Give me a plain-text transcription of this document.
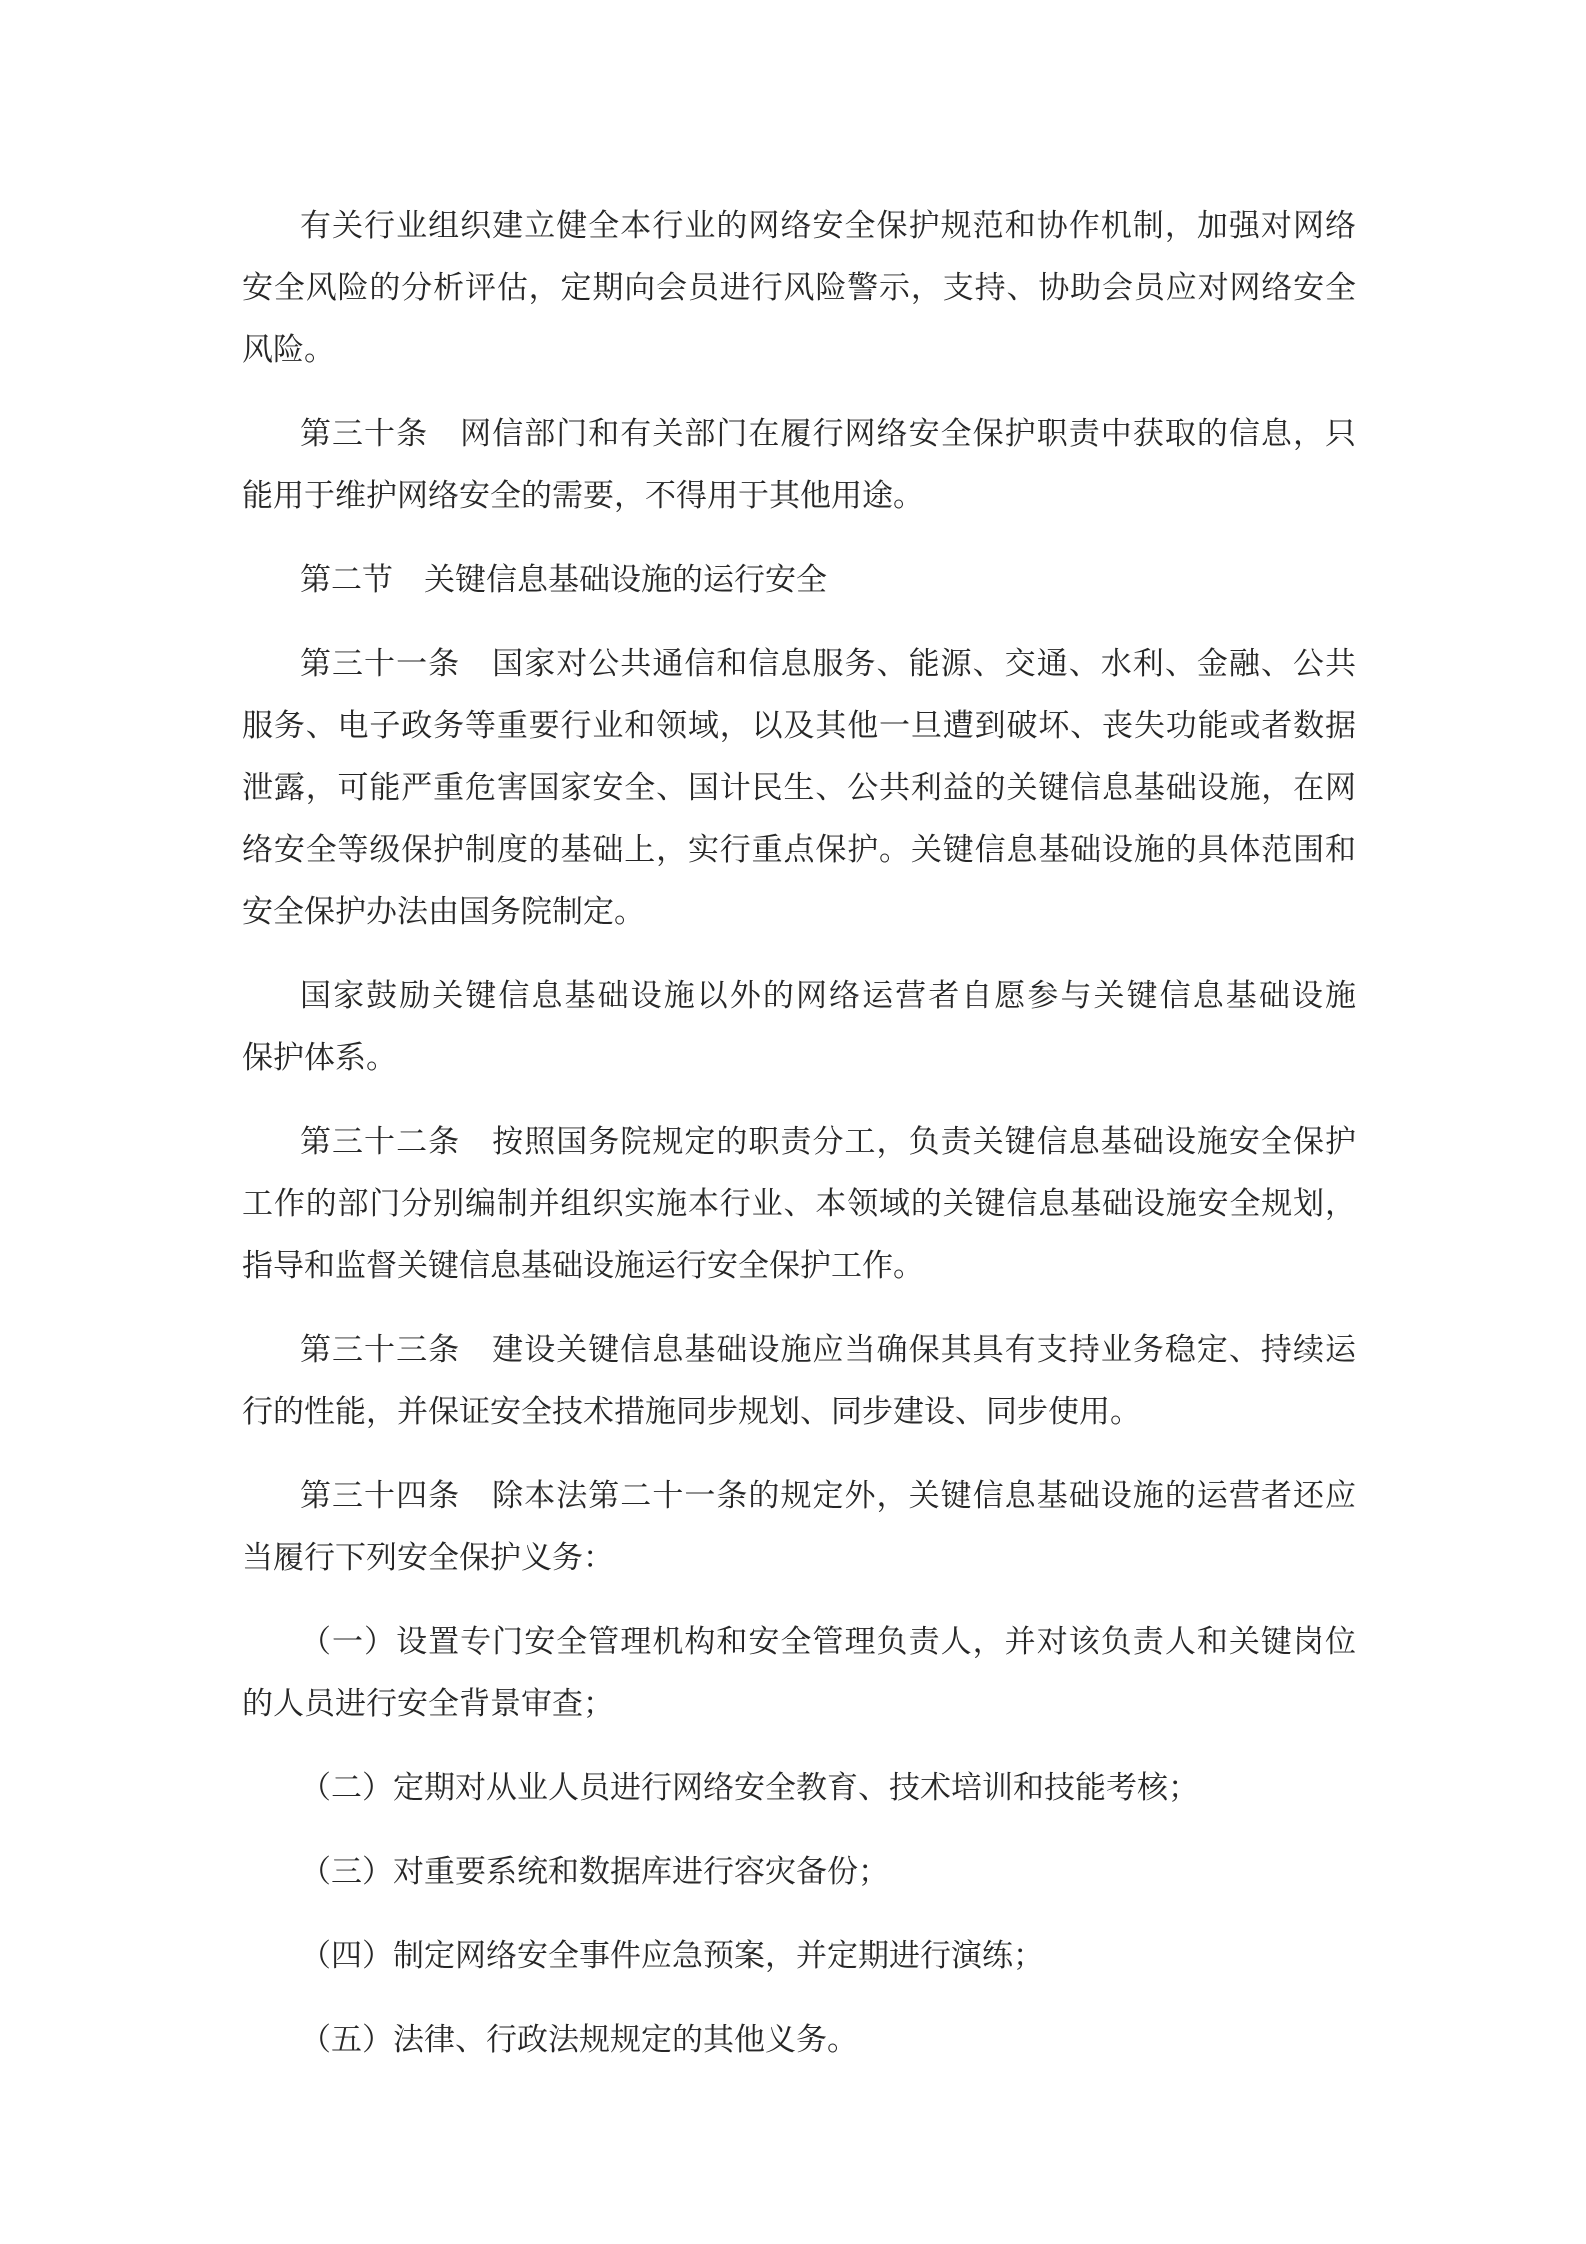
有关行业组织建立健全本行业的网络安全保护规范和协作机制，加强对网络
安全风险的分析评估，定期向会员进行风险警示，支持、协助会员应对网络安全
风险。
第三十条　网信部门和有关部门在履行网络安全保护职责中获取的信息，只
能用于维护网络安全的需要，不得用于其他用途。
第二节　关键信息基础设施的运行安全
第三十一条　国家对公共通信和信息服务、能源、交通、水利、金融、公共
服务、电子政务等重要行业和领域，以及其他一旦遭到破坏、丧失功能或者数据
泄露，可能严重危害国家安全、国计民生、公共利益的关键信息基础设施，在网
络安全等级保护制度的基础上，实行重点保护。关键信息基础设施的具体范围和
安全保护办法由国务院制定。
国家鼓励关键信息基础设施以外的网络运营者自愿参与关键信息基础设施
保护体系。
第三十二条　按照国务院规定的职责分工，负责关键信息基础设施安全保护
工作的部门分别编制并组织实施本行业、本领域的关键信息基础设施安全规划，
指导和监督关键信息基础设施运行安全保护工作。
第三十三条　建设关键信息基础设施应当确保其具有支持业务稳定、持续运
行的性能，并保证安全技术措施同步规划、同步建设、同步使用。
第三十四条　除本法第二十一条的规定外，关键信息基础设施的运营者还应
当履行下列安全保护义务：
（一）设置专门安全管理机构和安全管理负责人，并对该负责人和关键岗位
的人员进行安全背景审查；
（二）定期对从业人员进行网络安全教育、技术培训和技能考核；
（三）对重要系统和数据库进行容灾备份；
（四）制定网络安全事件应急预案，并定期进行演练；
（五）法律、行政法规规定的其他义务。
